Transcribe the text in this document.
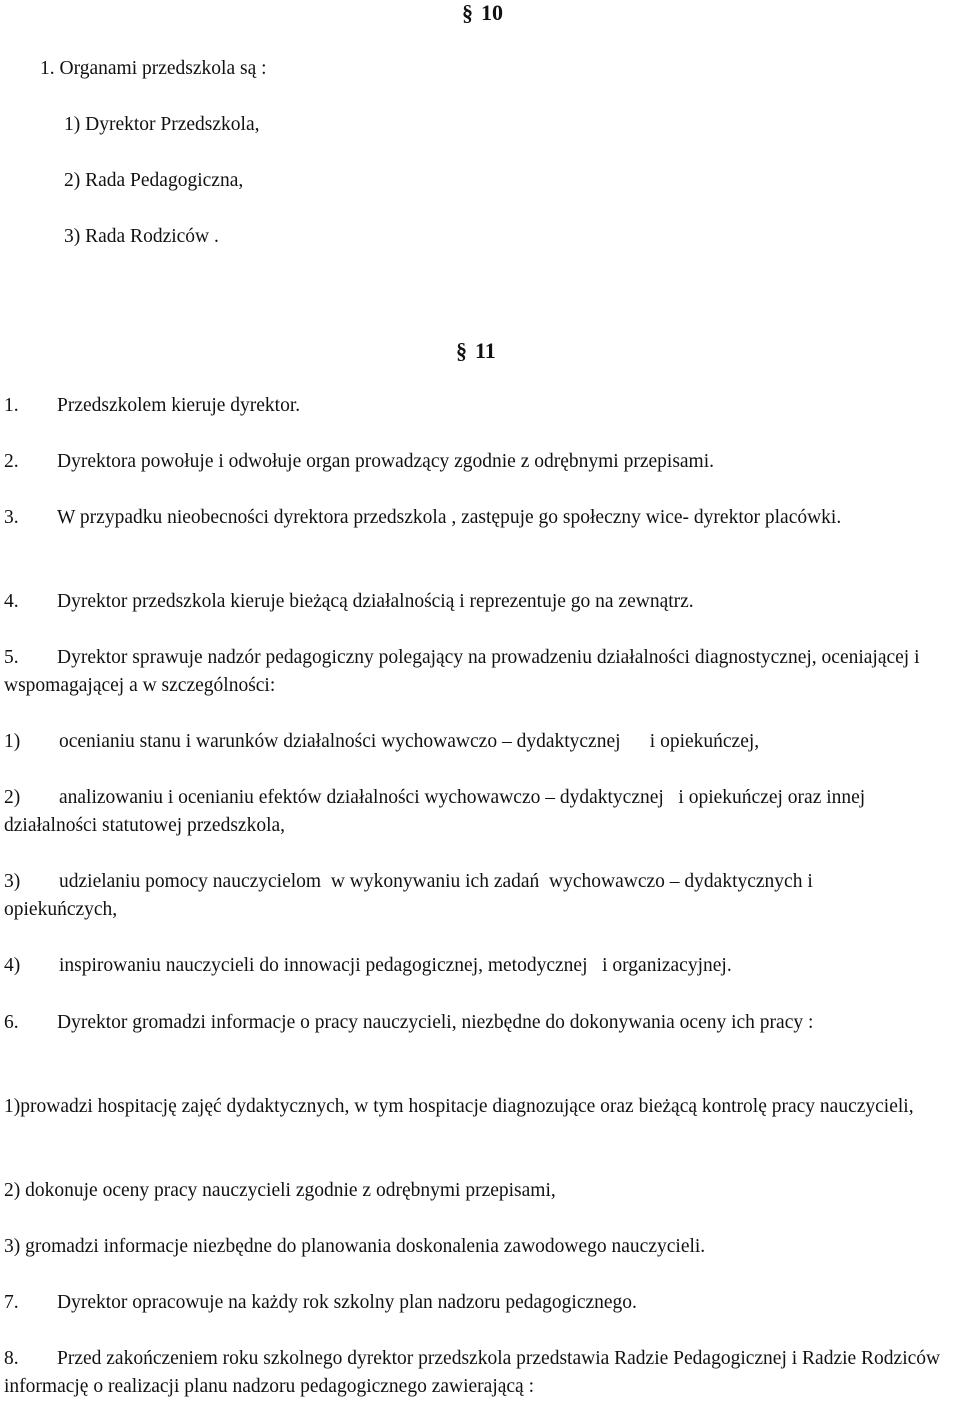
§ 10
1. Organami przedszkola są :
1) Dyrektor Przedszkola,
2) Rada Pedagogiczna,
3) Rada Rodziców .
§ 11
1. Przedszkolem kieruje dyrektor.
2. Dyrektora powołuje i odwołuje organ prowadzący zgodnie z odrębnymi przepisami.
3. W przypadku nieobecności dyrektora przedszkola , zastępuje go społeczny wice- dyrektor placówki.
4. Dyrektor przedszkola kieruje bieżącą działalnością i reprezentuje go na zewnątrz.
5. Dyrektor sprawuje nadzór pedagogiczny polegający na prowadzeniu działalności diagnostycznej, oceniającej i wspomagającej a w szczególności:
1) ocenianiu stanu i warunków działalności wychowawczo – dydaktycznej      i opiekuńczej,
2) analizowaniu i ocenianiu efektów działalności wychowawczo – dydaktycznej   i opiekuńczej oraz innej działalności statutowej przedszkola,
3) udzielaniu pomocy nauczycielom  w wykonywaniu ich zadań  wychowawczo – dydaktycznych i opiekuńczych,
4) inspirowaniu nauczycieli do innowacji pedagogicznej, metodycznej   i organizacyjnej.
6. Dyrektor gromadzi informacje o pracy nauczycieli, niezbędne do dokonywania oceny ich pracy :
1)prowadzi hospitację zajęć dydaktycznych, w tym hospitacje diagnozujące oraz bieżącą kontrolę pracy nauczycieli,
2) dokonuje oceny pracy nauczycieli zgodnie z odrębnymi przepisami,
3) gromadzi informacje niezbędne do planowania doskonalenia zawodowego nauczycieli.
7. Dyrektor opracowuje na każdy rok szkolny plan nadzoru pedagogicznego.
8. Przed zakończeniem roku szkolnego dyrektor przedszkola przedstawia Radzie Pedagogicznej i Radzie Rodziców informację o realizacji planu nadzoru pedagogicznego zawierającą :
